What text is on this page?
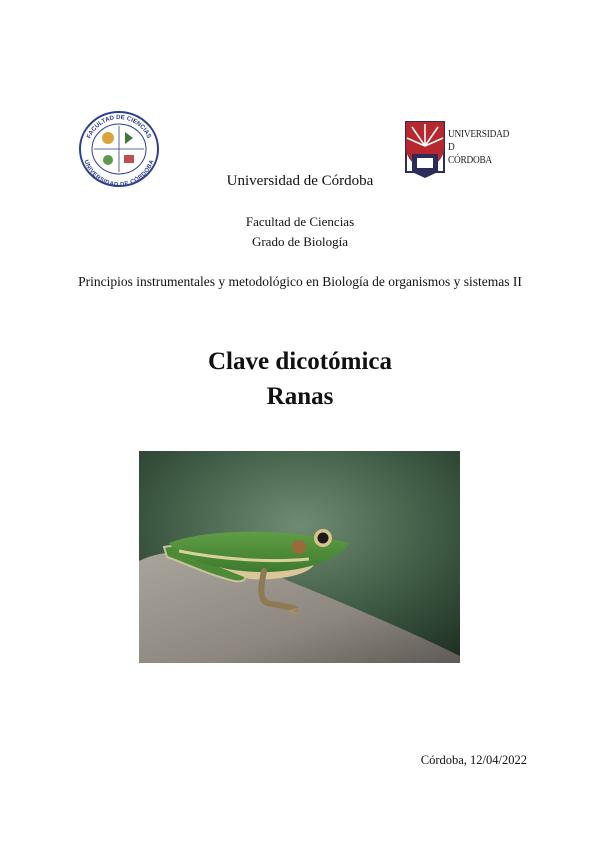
FACULTAD DE CIENCIAS
UNIVERSIDAD DE CÓRDOBA
UNIVERSIDAD
D
CÓRDOBA
Universidad de Córdoba
Facultad de Ciencias
Grado de Biología
Principios instrumentales y metodológico en Biología de organismos y sistemas II
Clave dicotómica
Ranas
Córdoba, 12/04/2022
